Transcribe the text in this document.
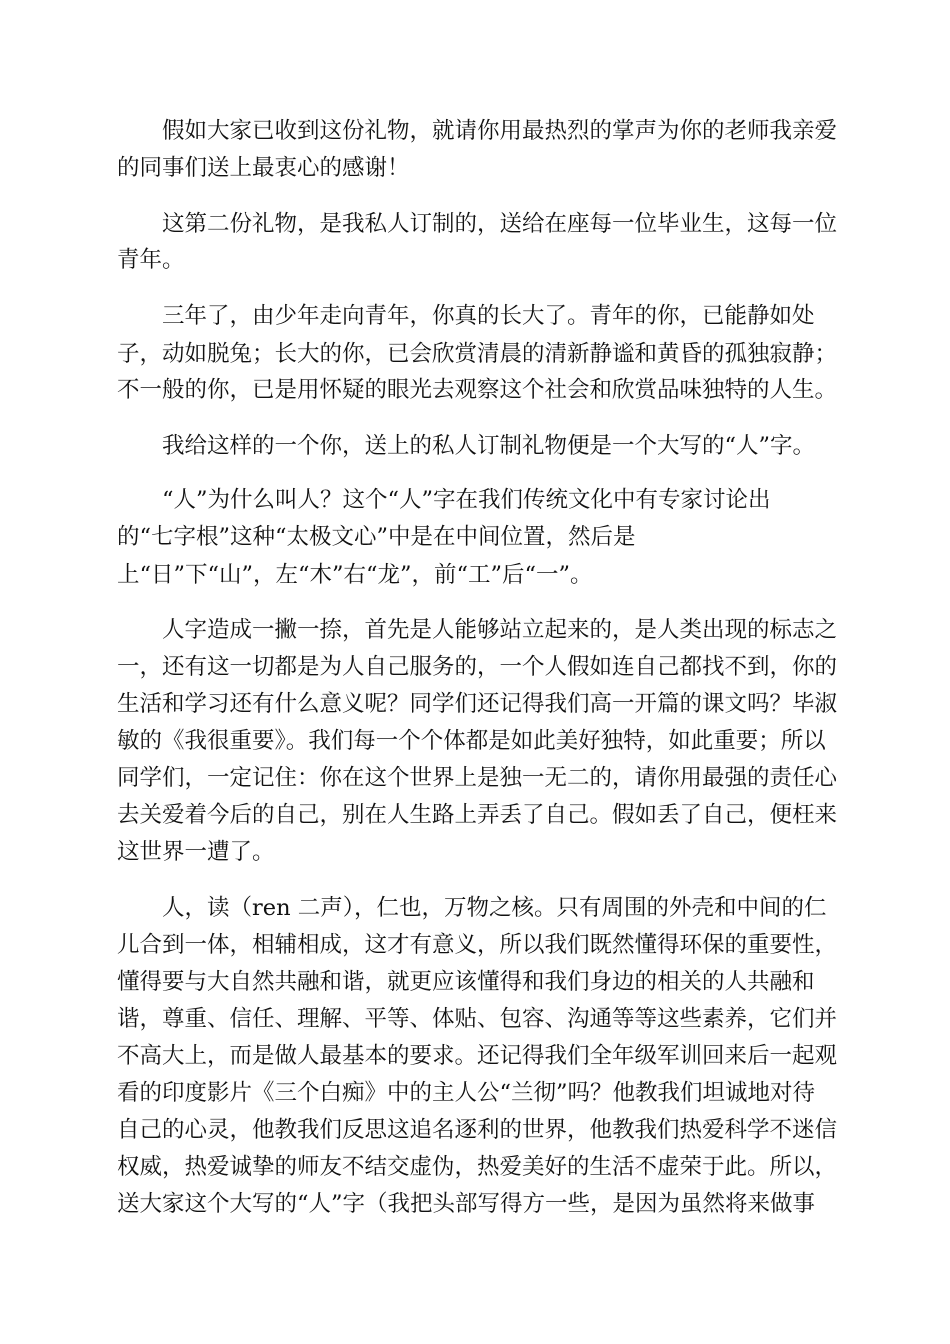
假如大家已收到这份礼物，就请你用最热烈的掌声为你的老师我亲爱
的同事们送上最衷心的感谢！
这第二份礼物，是我私人订制的，送给在座每一位毕业生，这每一位
青年。
三年了，由少年走向青年，你真的长大了。青年的你，已能静如处
子，动如脱兔；长大的你，已会欣赏清晨的清新静谧和黄昏的孤独寂静；
不一般的你，已是用怀疑的眼光去观察这个社会和欣赏品味独特的人生。
我给这样的一个你，送上的私人订制礼物便是一个大写的“人”字。
“人”为什么叫人？这个“人”字在我们传统文化中有专家讨论出
的“七字根”这种“太极文心”中是在中间位置，然后是
上“日”下“山”，左“木”右“龙”，前“工”后“一”。
人字造成一撇一捺，首先是人能够站立起来的，是人类出现的标志之
一，还有这一切都是为人自己服务的，一个人假如连自己都找不到，你的
生活和学习还有什么意义呢？同学们还记得我们高一开篇的课文吗？毕淑
敏的《我很重要》。我们每一个个体都是如此美好独特，如此重要；所以
同学们，一定记住：你在这个世界上是独一无二的，请你用最强的责任心
去关爱着今后的自己，别在人生路上弄丢了自己。假如丢了自己，便枉来
这世界一遭了。
人，读（ren 二声），仁也，万物之核。只有周围的外壳和中间的仁
儿合到一体，相辅相成，这才有意义，所以我们既然懂得环保的重要性，
懂得要与大自然共融和谐，就更应该懂得和我们身边的相关的人共融和
谐，尊重、信任、理解、平等、体贴、包容、沟通等等这些素养，它们并
不高大上，而是做人最基本的要求。还记得我们全年级军训回来后一起观
看的印度影片《三个白痴》中的主人公“兰彻”吗？他教我们坦诚地对待
自己的心灵，他教我们反思这追名逐利的世界，他教我们热爱科学不迷信
权威，热爱诚挚的师友不结交虚伪，热爱美好的生活不虚荣于此。所以，
送大家这个大写的“人”字（我把头部写得方一些，是因为虽然将来做事
